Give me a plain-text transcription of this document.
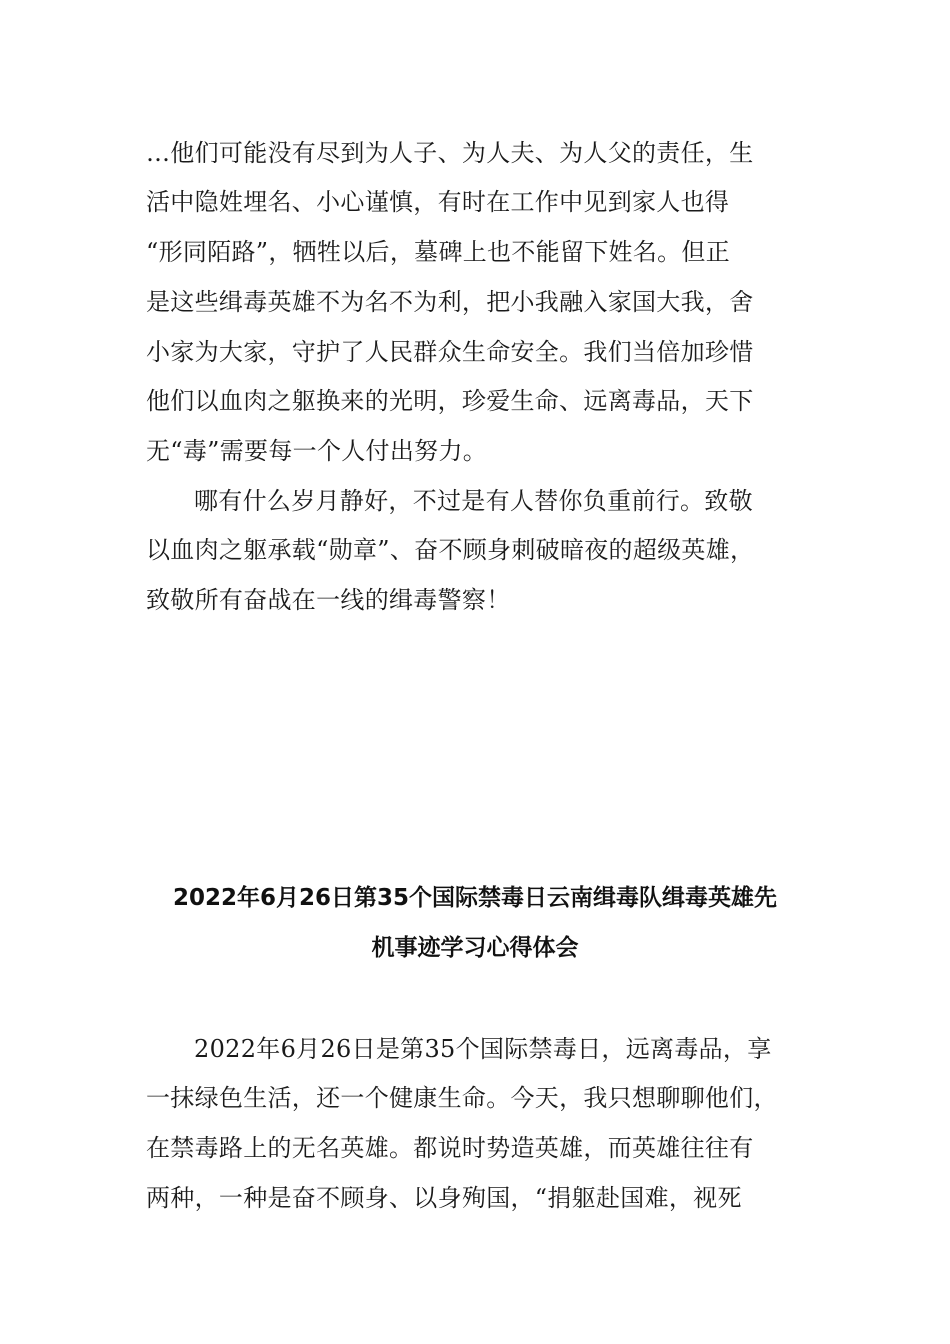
…他们可能没有尽到为人子、为人夫、为人父的责任，生
活中隐姓埋名、小心谨慎，有时在工作中见到家人也得
“形同陌路”，牺牲以后，墓碑上也不能留下姓名。但正
是这些缉毒英雄不为名不为利，把小我融入家国大我，舍
小家为大家，守护了人民群众生命安全。我们当倍加珍惜
他们以血肉之躯换来的光明，珍爱生命、远离毒品，天下
无“毒”需要每一个人付出努力。
哪有什么岁月静好，不过是有人替你负重前行。致敬
以血肉之躯承载“勋章”、奋不顾身刺破暗夜的超级英雄，
致敬所有奋战在一线的缉毒警察！
2022年6月26日第35个国际禁毒日云南缉毒队缉毒英雄先
机事迹学习心得体会
2022年6月26日是第35个国际禁毒日，远离毒品，享
一抹绿色生活，还一个健康生命。今天，我只想聊聊他们，
在禁毒路上的无名英雄。都说时势造英雄，而英雄往往有
两种，一种是奋不顾身、以身殉国，“捐躯赴国难，视死
